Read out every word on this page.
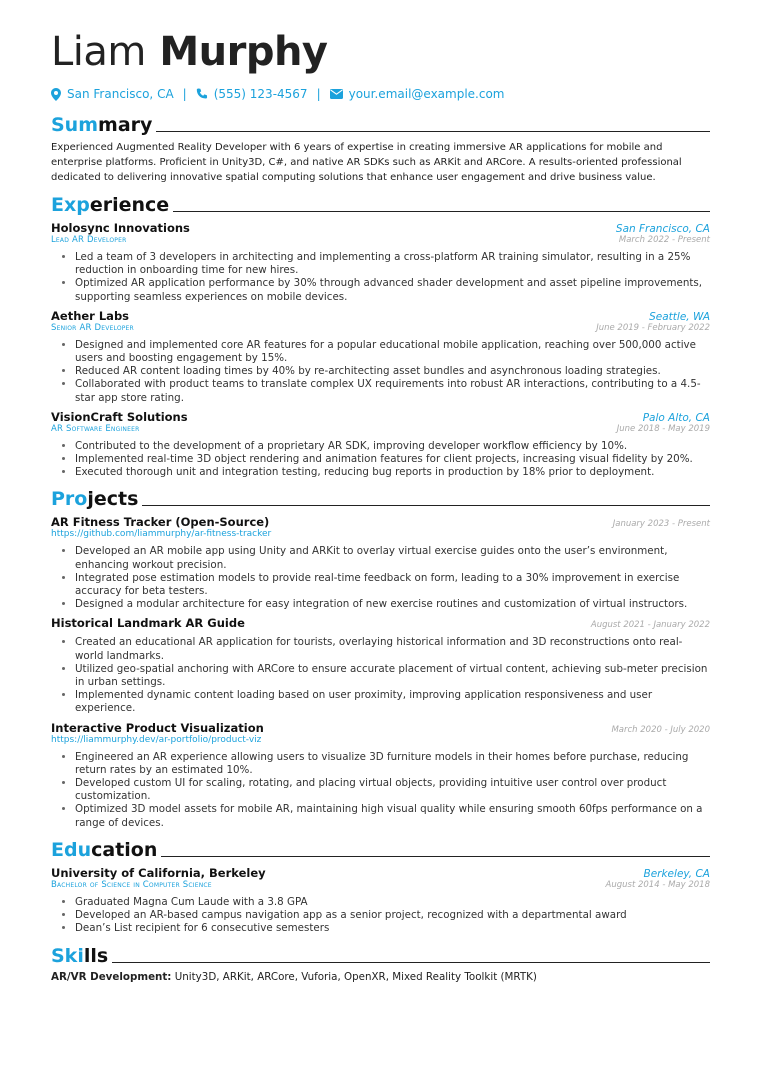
Liam Murphy
San Francisco, CA | (555) 123-4567 | your.email@example.com
Summary

Experienced Augmented Reality Developer with 6 years of expertise in creating immersive AR applications for mobile and enterprise platforms. Proficient in Unity3D, C#, and native AR SDKs such as ARKit and ARCore. A results-oriented professional dedicated to delivering innovative spatial computing solutions that enhance user engagement and drive business value.

Experience
Holosync Innovations	San Francisco, CA
Lead AR Developer	March 2022 - Present
• Led a team of 3 developers in architecting and implementing a cross-platform AR training simulator, resulting in a 25% reduction in onboarding time for new hires.
• Optimized AR application performance by 30% through advanced shader development and asset pipeline improvements, supporting seamless experiences on mobile devices.
Aether Labs	Seattle, WA
Senior AR Developer	June 2019 - February 2022
• Designed and implemented core AR features for a popular educational mobile application, reaching over 500,000 active users and boosting engagement by 15%.
• Reduced AR content loading times by 40% by re-architecting asset bundles and asynchronous loading strategies.
• Collaborated with product teams to translate complex UX requirements into robust AR interactions, contributing to a 4.5-star app store rating.
VisionCraft Solutions	Palo Alto, CA
AR Software Engineer	June 2018 - May 2019
• Contributed to the development of a proprietary AR SDK, improving developer workflow efficiency by 10%.
• Implemented real-time 3D object rendering and animation features for client projects, increasing visual fidelity by 20%.
• Executed thorough unit and integration testing, reducing bug reports in production by 18% prior to deployment.
Projects
AR Fitness Tracker (Open-Source)	January 2023 - Present
https://github.com/liammurphy/ar-fitness-tracker
• Developed an AR mobile app using Unity and ARKit to overlay virtual exercise guides onto the user’s environment, enhancing workout precision.
• Integrated pose estimation models to provide real-time feedback on form, leading to a 30% improvement in exercise accuracy for beta testers.
• Designed a modular architecture for easy integration of new exercise routines and customization of virtual instructors.
Historical Landmark AR Guide	August 2021 - January 2022
• Created an educational AR application for tourists, overlaying historical information and 3D reconstructions onto real-world landmarks.
• Utilized geo-spatial anchoring with ARCore to ensure accurate placement of virtual content, achieving sub-meter precision in urban settings.
• Implemented dynamic content loading based on user proximity, improving application responsiveness and user experience.
Interactive Product Visualization	March 2020 - July 2020
https://liammurphy.dev/ar-portfolio/product-viz
• Engineered an AR experience allowing users to visualize 3D furniture models in their homes before purchase, reducing return rates by an estimated 10%.
• Developed custom UI for scaling, rotating, and placing virtual objects, providing intuitive user control over product customization.
• Optimized 3D model assets for mobile AR, maintaining high visual quality while ensuring smooth 60fps performance on a range of devices.
Education
University of California, Berkeley	Berkeley, CA
Bachelor of Science in Computer Science	August 2014 - May 2018
• Graduated Magna Cum Laude with a 3.8 GPA
• Developed an AR-based campus navigation app as a senior project, recognized with a departmental award
• Dean’s List recipient for 6 consecutive semesters
Skills
AR/VR Development: Unity3D, ARKit, ARCore, Vuforia, OpenXR, Mixed Reality Toolkit (MRTK)
